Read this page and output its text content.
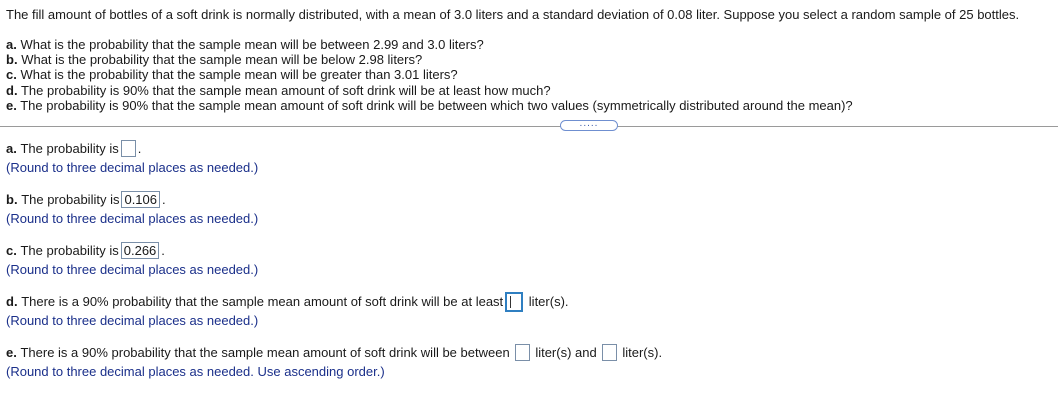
The fill amount of bottles of a soft drink is normally distributed, with a mean of 3.0 liters and a standard deviation of 0.08 liter. Suppose you select a random sample of 25 bottles.
a. What is the probability that the sample mean will be between 2.99 and 3.0 liters?
b. What is the probability that the sample mean will be below 2.98 liters?
c. What is the probability that the sample mean will be greater than 3.01 liters?
d. The probability is 90% that the sample mean amount of soft drink will be at least how much?
e. The probability is 90% that the sample mean amount of soft drink will be between which two values (symmetrically distributed around the mean)?
.....
a.
The probability is .
(Round to three decimal places as needed.)
b.
The probability is 0.106 .
(Round to three decimal places as needed.)
c.
The probability is 0.266 .
(Round to three decimal places as needed.)
d.
There is a 90% probability that the sample mean amount of soft drink will be at least
liter(s).
(Round to three decimal places as needed.)
e.
There is a 90% probability that the sample mean amount of soft drink will be between
liter(s) and
liter(s).
(Round to three decimal places as needed. Use ascending order.)
